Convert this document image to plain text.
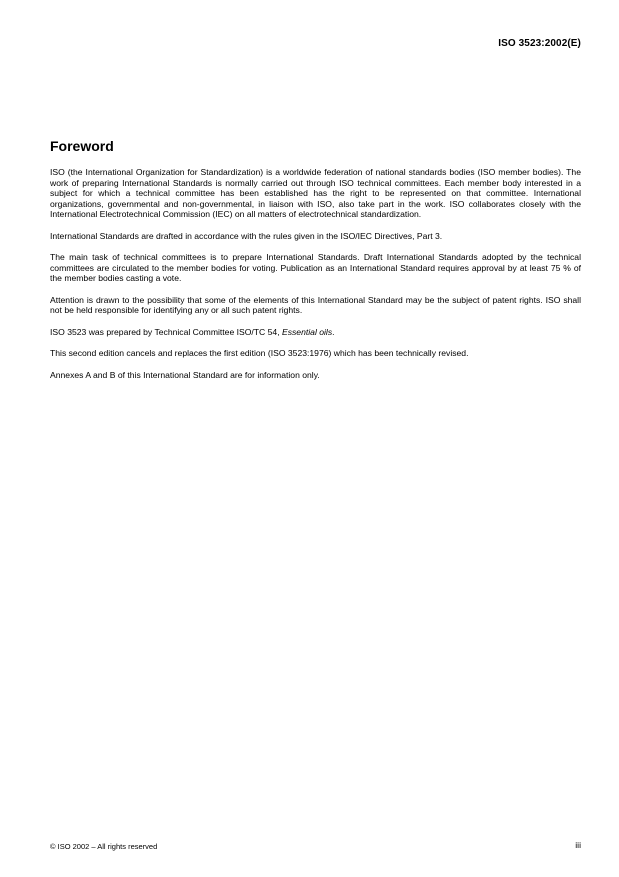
ISO 3523:2002(E)
Foreword

ISO (the International Organization for Standardization) is a worldwide federation of national standards bodies (ISO member bodies). The work of preparing International Standards is normally carried out through ISO technical committees. Each member body interested in a subject for which a technical committee has been established has the right to be represented on that committee. International organizations, governmental and non-governmental, in liaison with ISO, also take part in the work. ISO collaborates closely with the International Electrotechnical Commission (IEC) on all matters of electrotechnical standardization.

International Standards are drafted in accordance with the rules given in the ISO/IEC Directives, Part 3.

The main task of technical committees is to prepare International Standards. Draft International Standards adopted by the technical committees are circulated to the member bodies for voting. Publication as an International Standard requires approval by at least 75 % of the member bodies casting a vote.

Attention is drawn to the possibility that some of the elements of this International Standard may be the subject of patent rights. ISO shall not be held responsible for identifying any or all such patent rights.

ISO 3523 was prepared by Technical Committee ISO/TC 54, Essential oils.

This second edition cancels and replaces the first edition (ISO 3523:1976) which has been technically revised.

Annexes A and B of this International Standard are for information only.

© ISO 2002 – All rights reserved	iii
